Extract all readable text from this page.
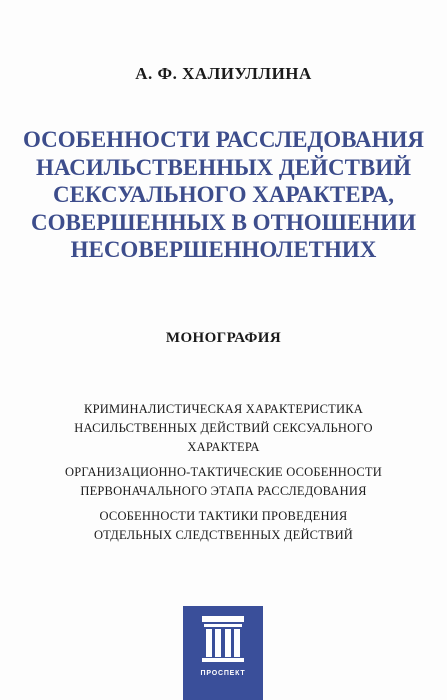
А. Ф. ХАЛИУЛЛИНА
ОСОБЕННОСТИ РАССЛЕДОВАНИЯ
НАСИЛЬСТВЕННЫХ ДЕЙСТВИЙ
СЕКСУАЛЬНОГО ХАРАКТЕРА,
СОВЕРШЕННЫХ В ОТНОШЕНИИ
НЕСОВЕРШЕННОЛЕТНИХ
МОНОГРАФИЯ
КРИМИНАЛИСТИЧЕСКАЯ ХАРАКТЕРИСТИКА
НАСИЛЬСТВЕННЫХ ДЕЙСТВИЙ СЕКСУАЛЬНОГО
ХАРАКТЕРА
ОРГАНИЗАЦИОННО-ТАКТИЧЕСКИЕ ОСОБЕННОСТИ
ПЕРВОНАЧАЛЬНОГО ЭТАПА РАССЛЕДОВАНИЯ
ОСОБЕННОСТИ ТАКТИКИ ПРОВЕДЕНИЯ
ОТДЕЛЬНЫХ СЛЕДСТВЕННЫХ ДЕЙСТВИЙ
ПРОСПЕКТ
